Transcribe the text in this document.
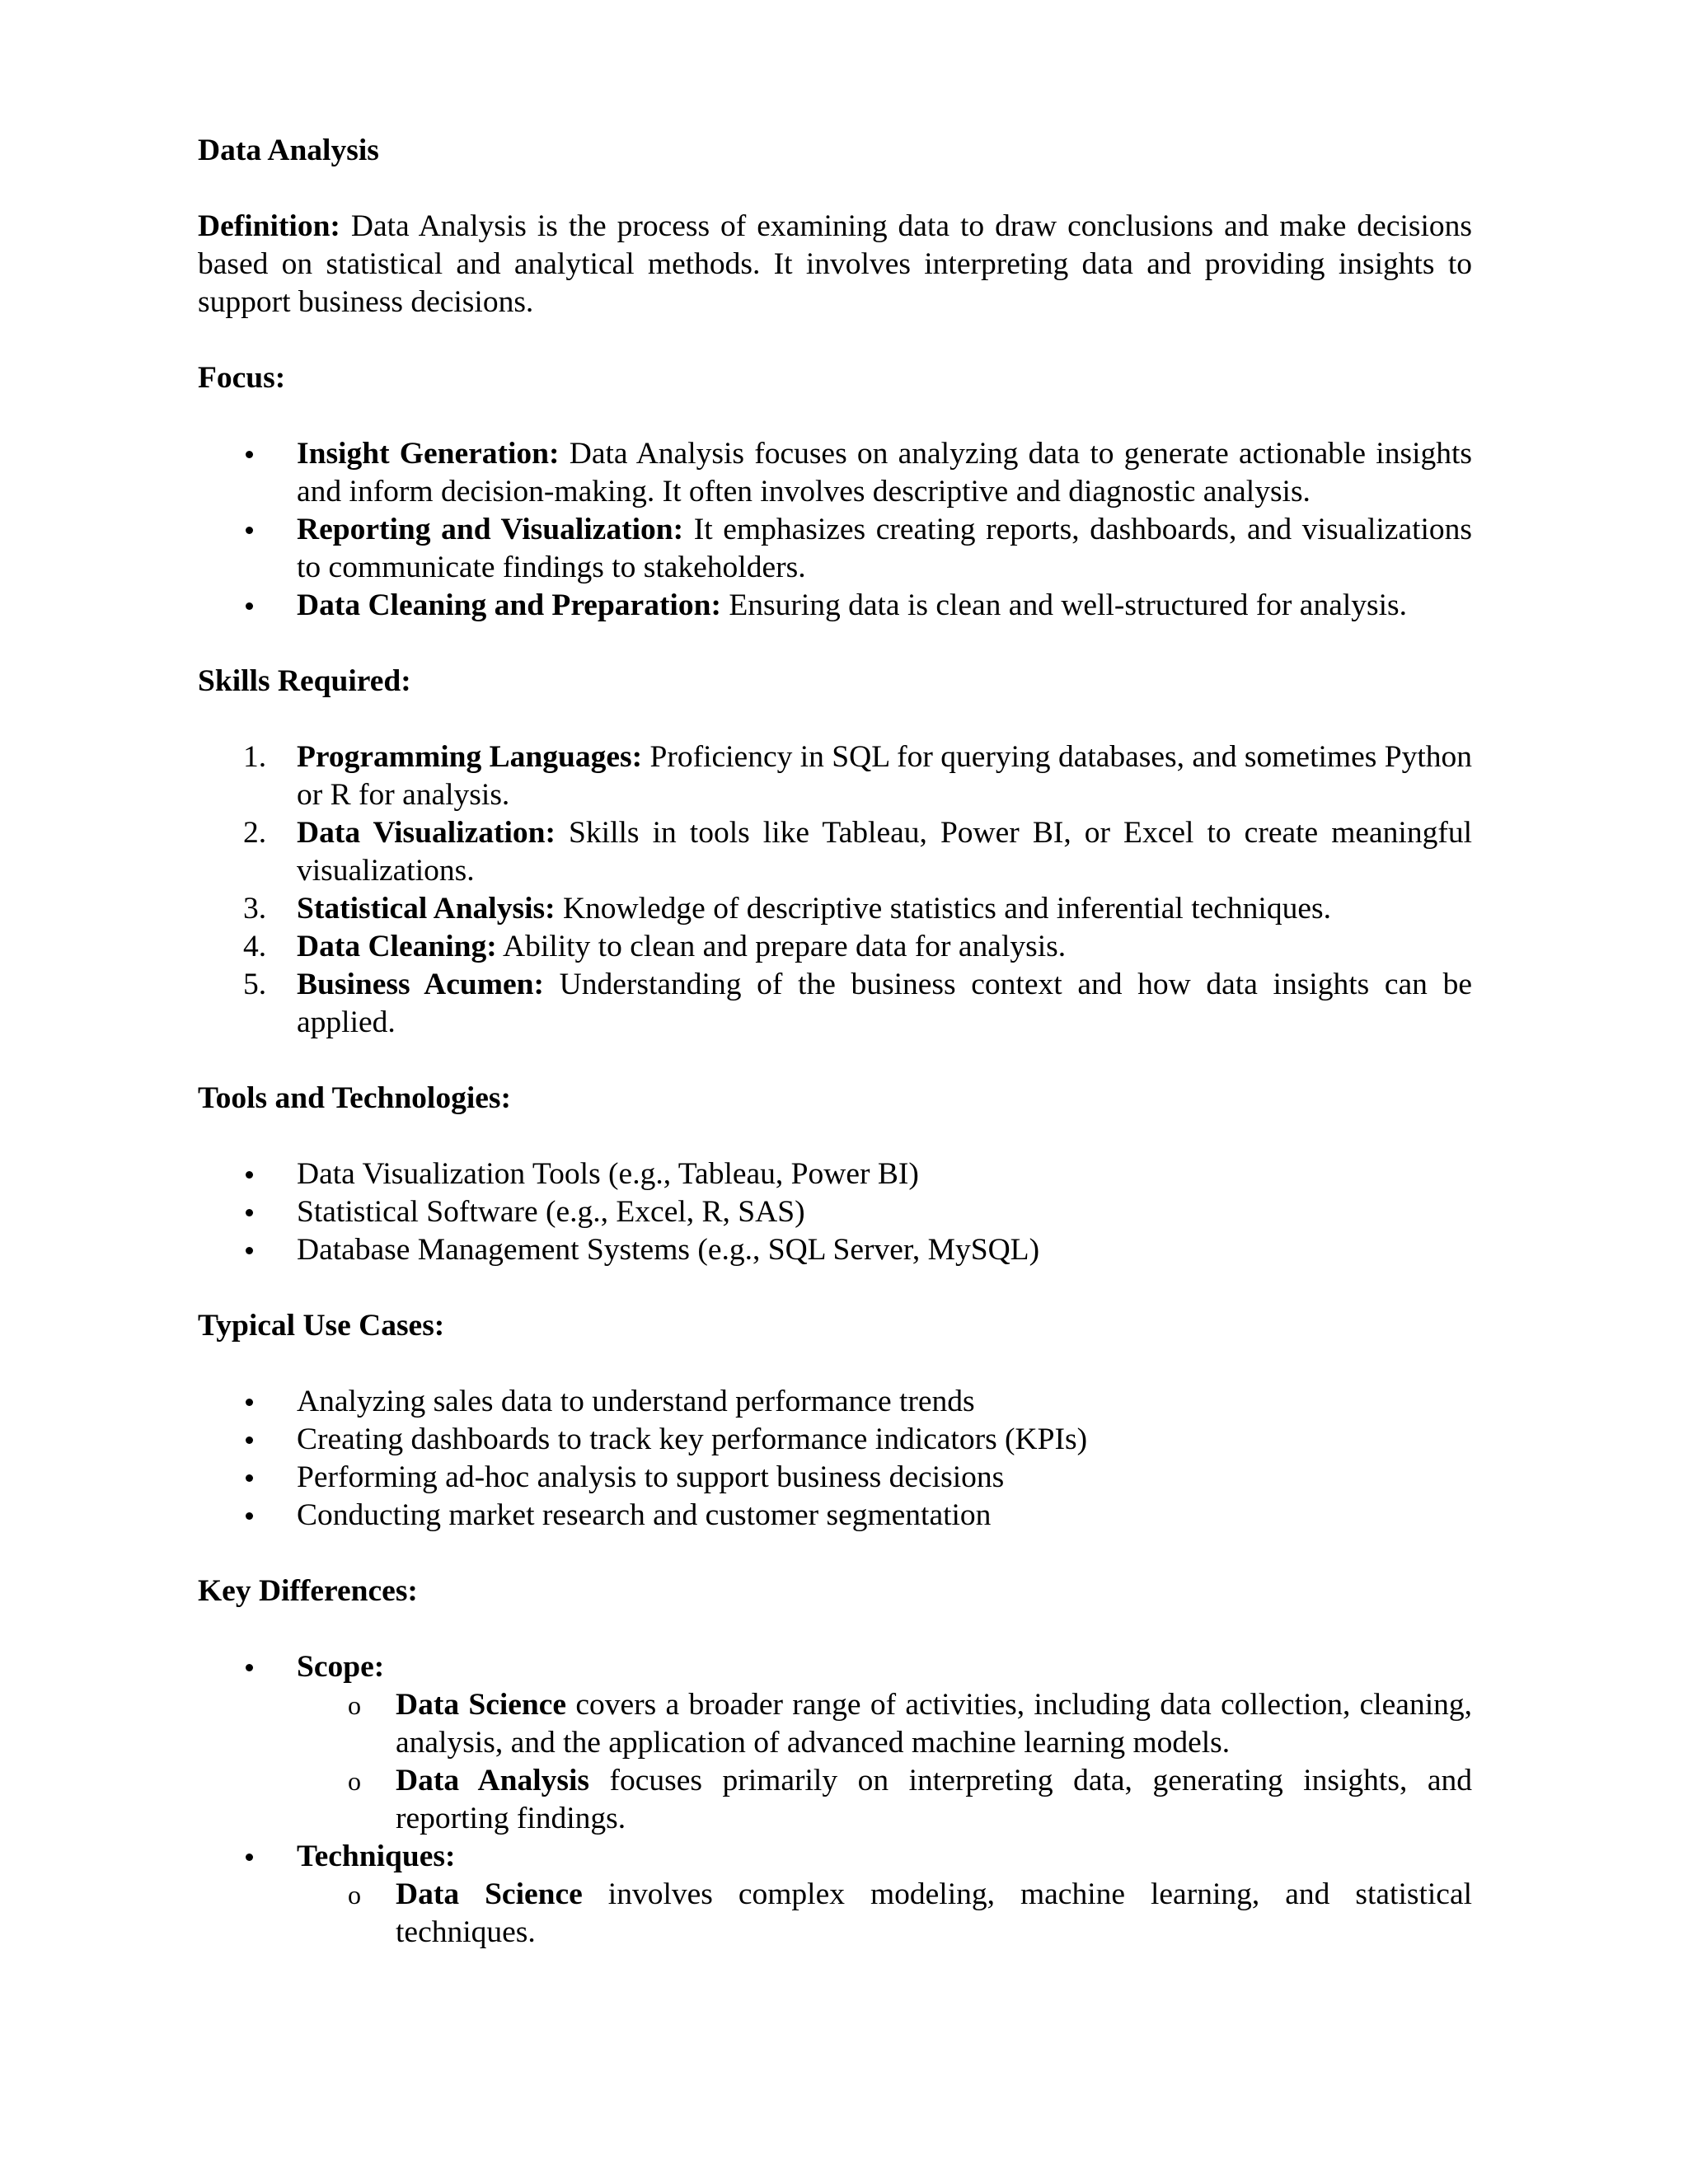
Data Analysis

Definition: Data Analysis is the process of examining data to draw conclusions and make decisions based on statistical and analytical methods. It involves interpreting data and providing insights to support business decisions.

Focus:

Insight Generation: Data Analysis focuses on analyzing data to generate actionable insights and inform decision-making. It often involves descriptive and diagnostic analysis.
Reporting and Visualization: It emphasizes creating reports, dashboards, and visualizations to communicate findings to stakeholders.
Data Cleaning and Preparation: Ensuring data is clean and well-structured for analysis.

Skills Required:

1. Programming Languages: Proficiency in SQL for querying databases, and sometimes Python or R for analysis.
2. Data Visualization: Skills in tools like Tableau, Power BI, or Excel to create meaningful visualizations.
3. Statistical Analysis: Knowledge of descriptive statistics and inferential techniques.
4. Data Cleaning: Ability to clean and prepare data for analysis.
5. Business Acumen: Understanding of the business context and how data insights can be applied.

Tools and Technologies:

Data Visualization Tools (e.g., Tableau, Power BI)
Statistical Software (e.g., Excel, R, SAS)
Database Management Systems (e.g., SQL Server, MySQL)

Typical Use Cases:

Analyzing sales data to understand performance trends
Creating dashboards to track key performance indicators (KPIs)
Performing ad-hoc analysis to support business decisions
Conducting market research and customer segmentation

Key Differences:

Scope:
o Data Science covers a broader range of activities, including data collection, cleaning, analysis, and the application of advanced machine learning models.
o Data Analysis focuses primarily on interpreting data, generating insights, and reporting findings.
Techniques:
o Data Science involves complex modeling, machine learning, and statistical techniques.
